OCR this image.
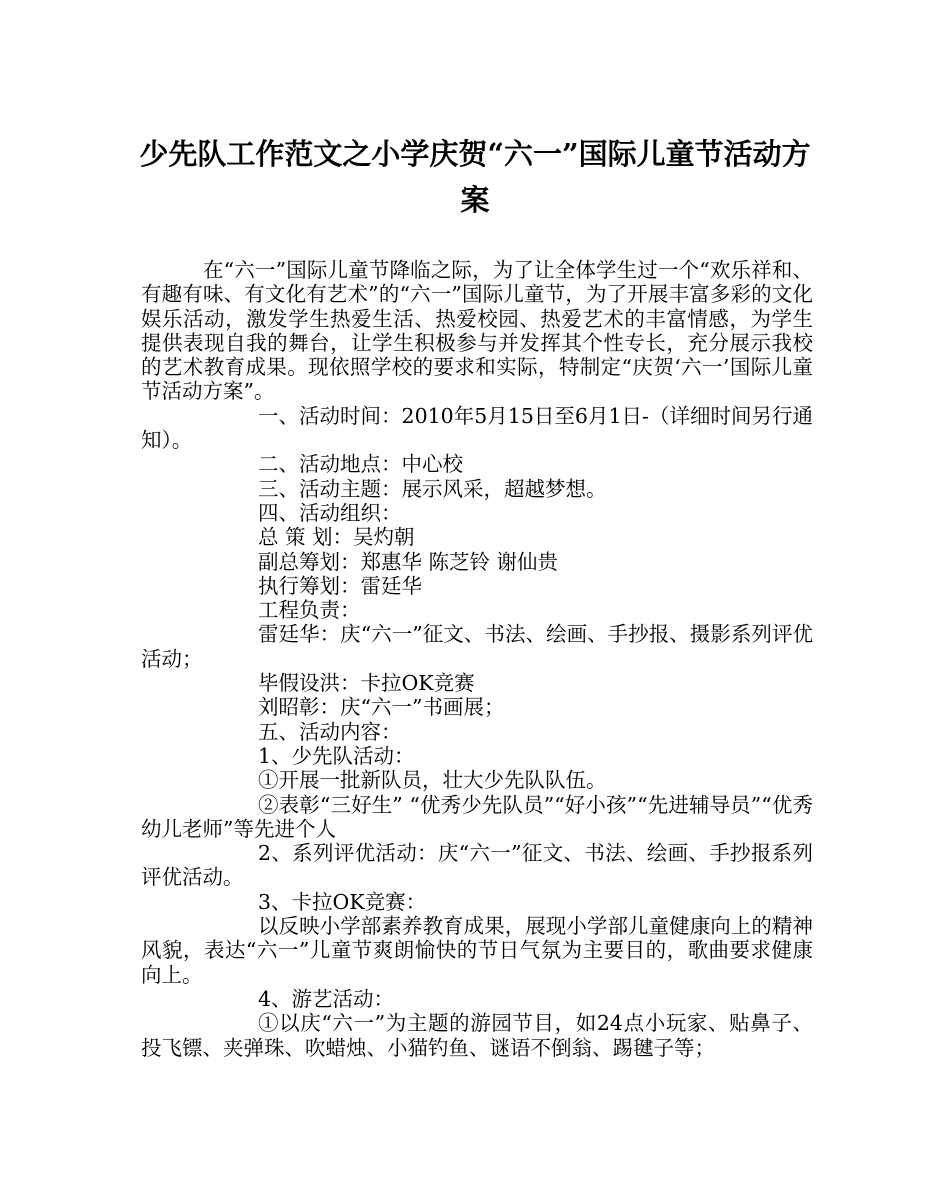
少先队工作范文之小学庆贺“六一”国际儿童节活动方
案

在“六一”国际儿童节降临之际，为了让全体学生过一个“欢乐祥和、有趣有味、有文化有艺术”的“六一”国际儿童节，为了开展丰富多彩的文化娱乐活动，激发学生热爱生活、热爱校园、热爱艺术的丰富情感，为学生提供表现自我的舞台，让学生积极参与并发挥其个性专长，充分展示我校的艺术教育成果。现依照学校的要求和实际，特制定“庆贺‘六一’国际儿童节活动方案”。

一、活动时间：2010年5月15日至6月1日-（详细时间另行通知）。

二、活动地点：中心校

三、活动主题：展示风采，超越梦想。

四、活动组织：

总 策 划：吴灼朝

副总筹划：郑惠华 陈芝铃 谢仙贵

执行筹划：雷廷华

工程负责：

雷廷华：庆“六一”征文、书法、绘画、手抄报、摄影系列评优活动；

毕假设洪：卡拉OK竞赛

刘昭彰：庆“六一”书画展；

五、活动内容：

1、少先队活动：

①开展一批新队员，壮大少先队队伍。

②表彰“三好生” “优秀少先队员”“好小孩”“先进辅导员”“优秀幼儿老师”等先进个人

2、系列评优活动：庆“六一”征文、书法、绘画、手抄报系列评优活动。

3、卡拉OK竞赛：

以反映小学部素养教育成果，展现小学部儿童健康向上的精神风貌，表达“六一”儿童节爽朗愉快的节日气氛为主要目的，歌曲要求健康向上。

4、游艺活动：

①以庆“六一”为主题的游园节目，如24点小玩家、贴鼻子、投飞镖、夹弹珠、吹蜡烛、小猫钓鱼、谜语不倒翁、踢毽子等；
